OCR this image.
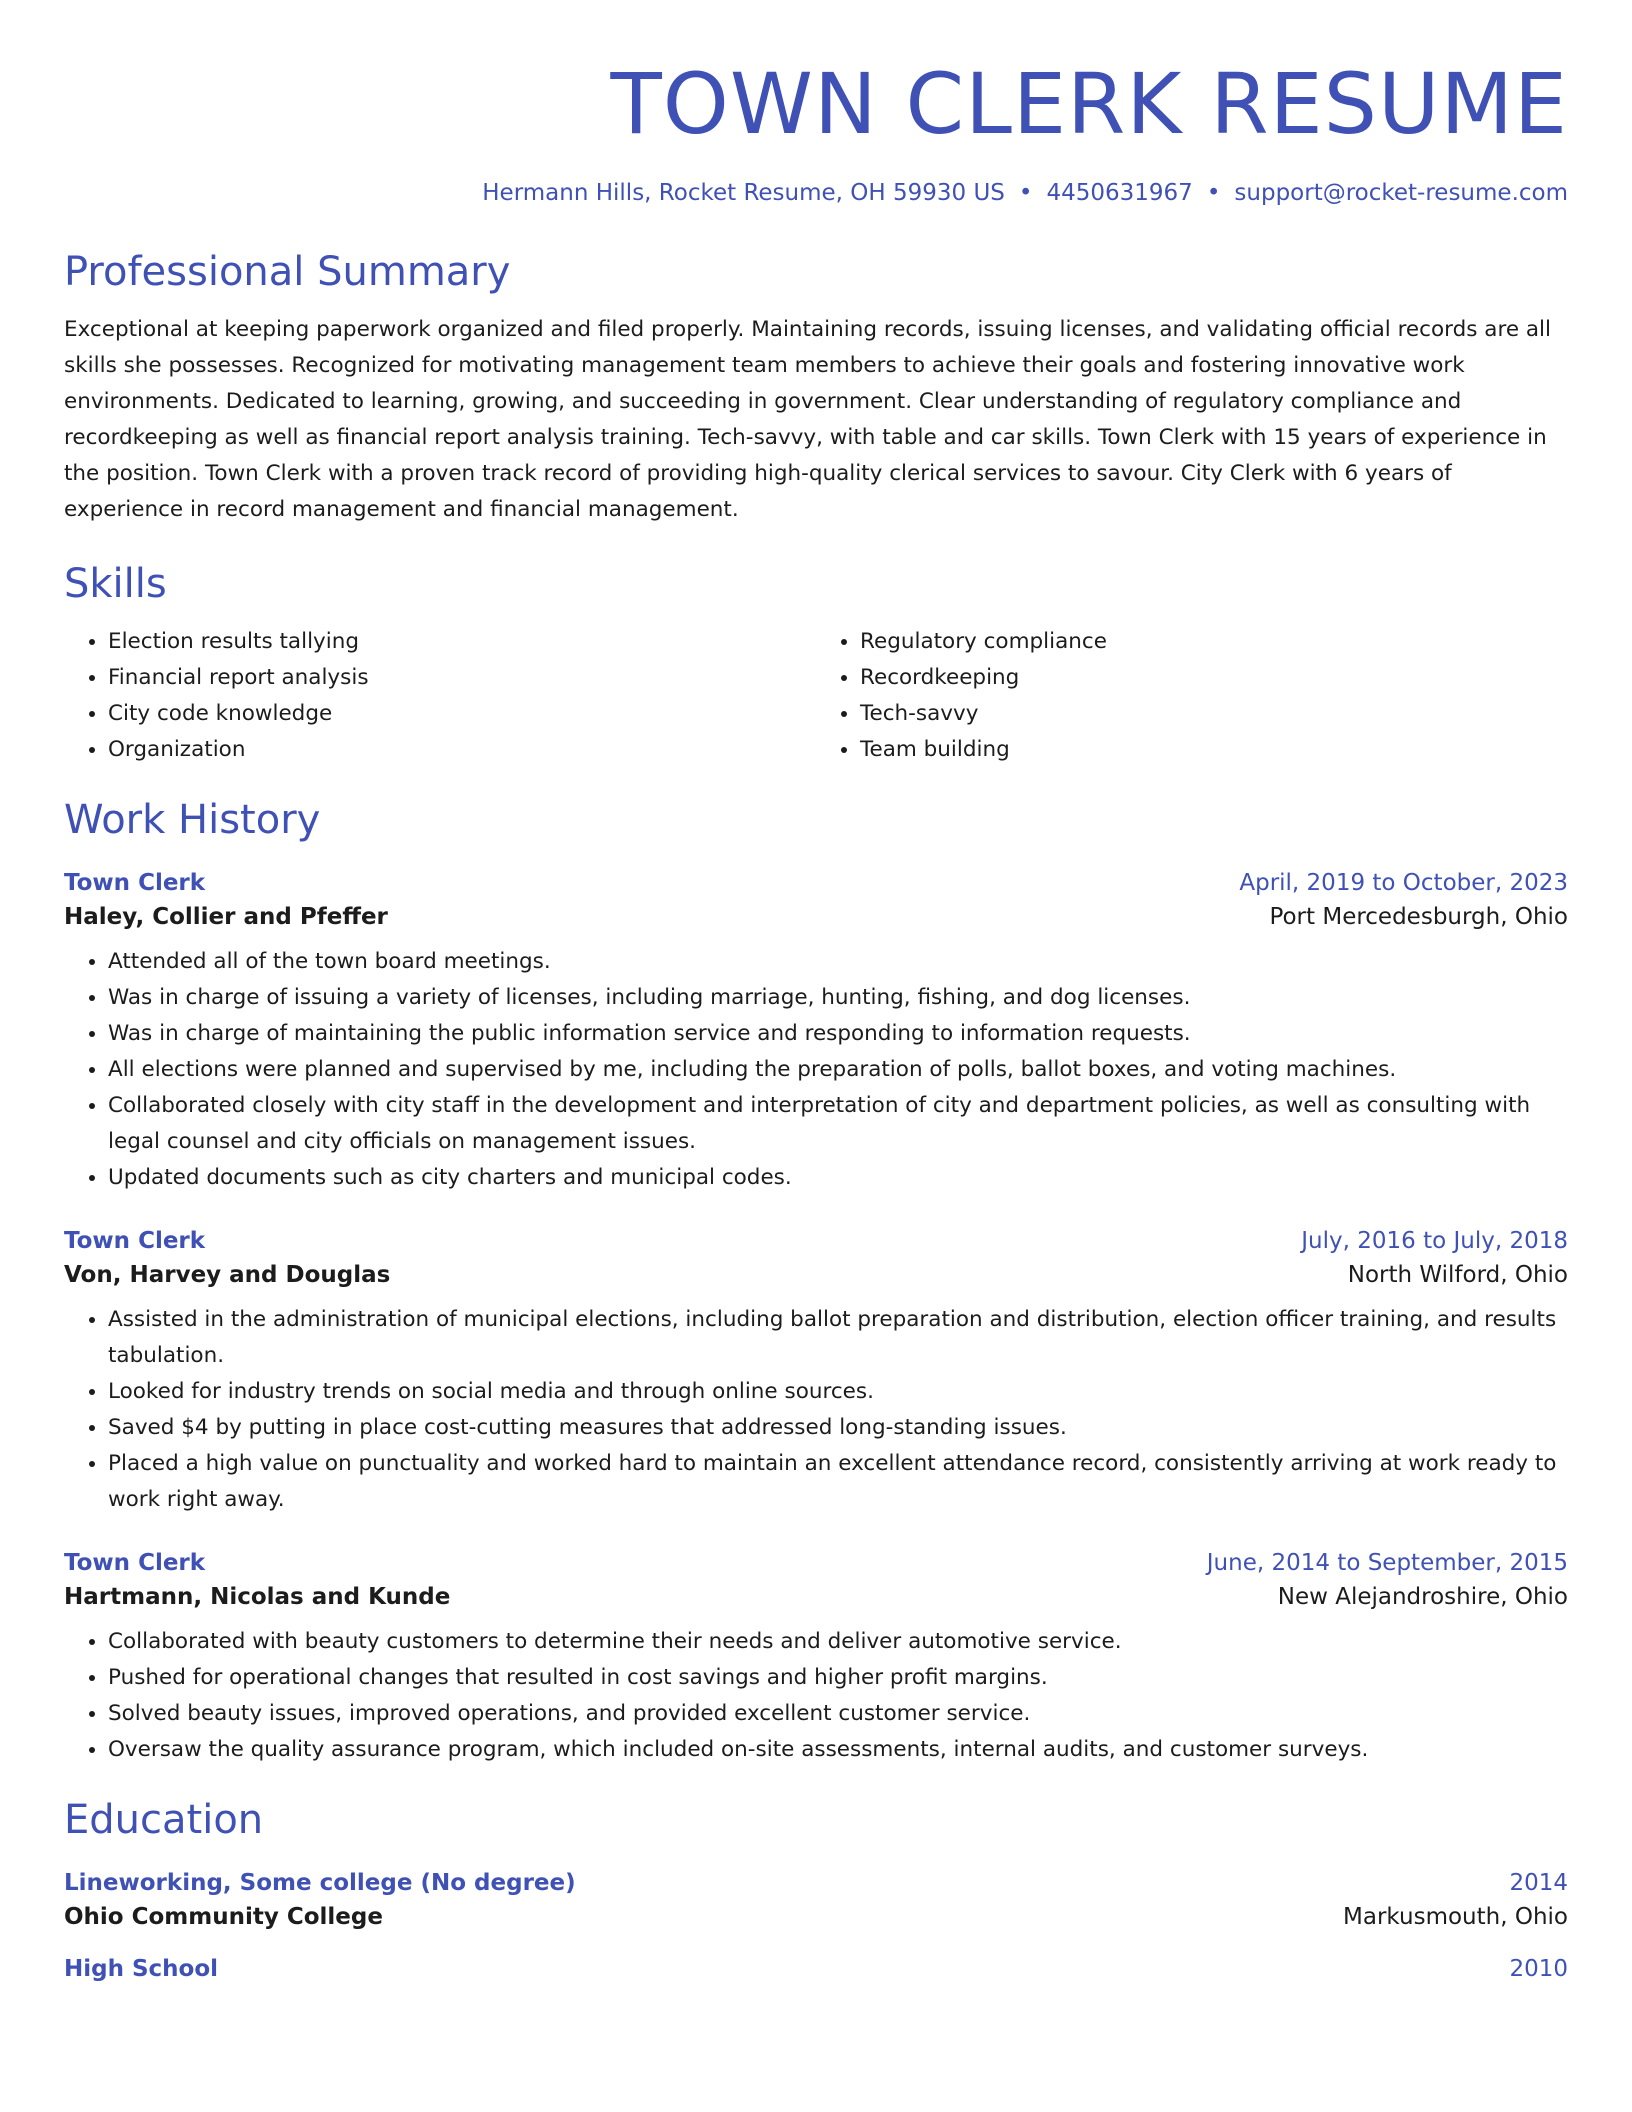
TOWN CLERK RESUME
Hermann Hills, Rocket Resume, OH 59930 US • 4450631967 • support@rocket-resume.com
Professional Summary
Exceptional at keeping paperwork organized and filed properly. Maintaining records, issuing licenses, and validating official records are all skills she possesses. Recognized for motivating management team members to achieve their goals and fostering innovative work environments. Dedicated to learning, growing, and succeeding in government. Clear understanding of regulatory compliance and recordkeeping as well as financial report analysis training. Tech-savvy, with table and car skills. Town Clerk with 15 years of experience in the position. Town Clerk with a proven track record of providing high-quality clerical services to savour. City Clerk with 6 years of experience in record management and financial management.
Skills
• Election results tallying
• Financial report analysis
• City code knowledge
• Organization
• Regulatory compliance
• Recordkeeping
• Tech-savvy
• Team building
Work History
Town Clerk	April, 2019 to October, 2023
Haley, Collier and Pfeffer	Port Mercedesburgh, Ohio
• Attended all of the town board meetings.
• Was in charge of issuing a variety of licenses, including marriage, hunting, fishing, and dog licenses.
• Was in charge of maintaining the public information service and responding to information requests.
• All elections were planned and supervised by me, including the preparation of polls, ballot boxes, and voting machines.
• Collaborated closely with city staff in the development and interpretation of city and department policies, as well as consulting with legal counsel and city officials on management issues.
• Updated documents such as city charters and municipal codes.
Town Clerk	July, 2016 to July, 2018
Von, Harvey and Douglas	North Wilford, Ohio
• Assisted in the administration of municipal elections, including ballot preparation and distribution, election officer training, and results tabulation.
• Looked for industry trends on social media and through online sources.
• Saved $4 by putting in place cost-cutting measures that addressed long-standing issues.
• Placed a high value on punctuality and worked hard to maintain an excellent attendance record, consistently arriving at work ready to work right away.
Town Clerk	June, 2014 to September, 2015
Hartmann, Nicolas and Kunde	New Alejandroshire, Ohio
• Collaborated with beauty customers to determine their needs and deliver automotive service.
• Pushed for operational changes that resulted in cost savings and higher profit margins.
• Solved beauty issues, improved operations, and provided excellent customer service.
• Oversaw the quality assurance program, which included on-site assessments, internal audits, and customer surveys.
Education
Lineworking, Some college (No degree)	2014
Ohio Community College	Markusmouth, Ohio
High School	2010
